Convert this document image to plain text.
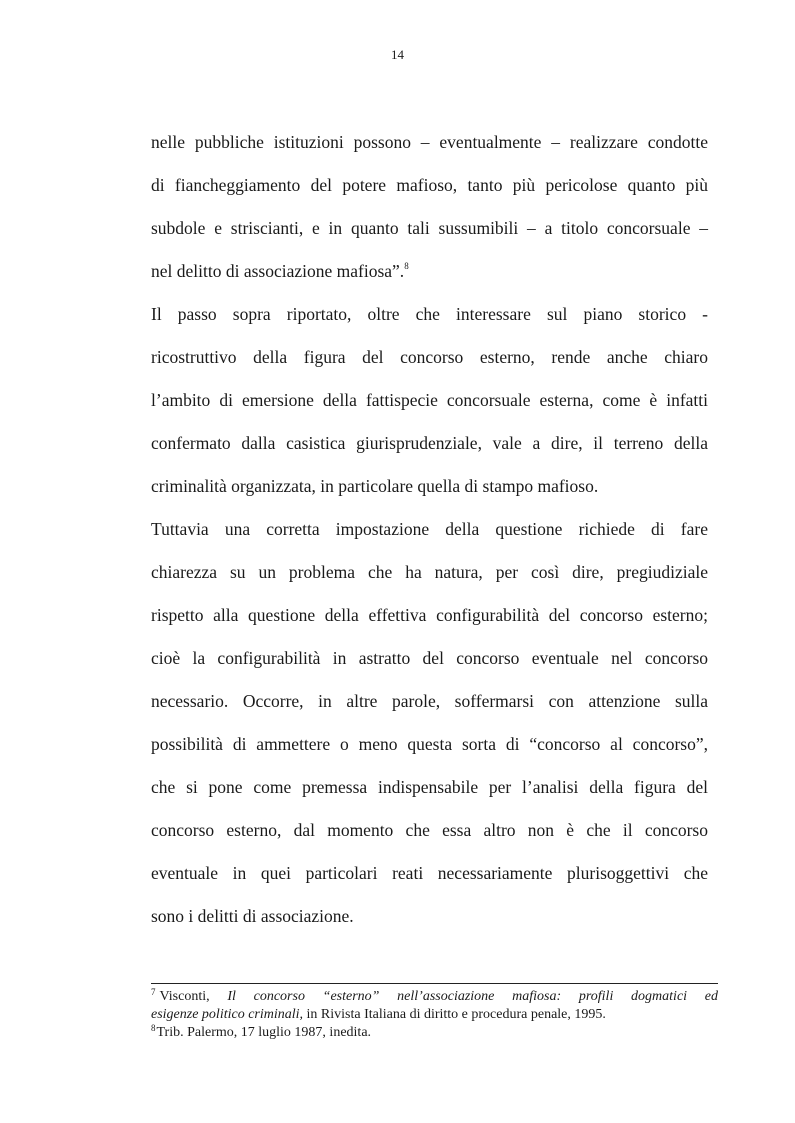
14
nelle pubbliche istituzioni possono – eventualmente – realizzare condotte
di fiancheggiamento del potere mafioso, tanto più pericolose quanto più
subdole e striscianti, e in quanto tali sussumibili – a titolo concorsuale –
nel delitto di associazione mafiosa”.$^8$
Il passo sopra riportato, oltre che interessare sul piano storico -
ricostruttivo della figura del concorso esterno, rende anche chiaro
l’ambito di emersione della fattispecie concorsuale esterna, come è infatti
confermato dalla casistica giurisprudenziale, vale a dire, il terreno della
criminalità organizzata, in particolare quella di stampo mafioso.
Tuttavia una corretta impostazione della questione richiede di fare
chiarezza su un problema che ha natura, per così dire, pregiudiziale
rispetto alla questione della effettiva configurabilità del concorso esterno;
cioè la configurabilità in astratto del concorso eventuale nel concorso
necessario. Occorre, in altre parole, soffermarsi con attenzione sulla
possibilità di ammettere o meno questa sorta di “concorso al concorso”,
che si pone come premessa indispensabile per l’analisi della figura del
concorso esterno, dal momento che essa altro non è che il concorso
eventuale in quei particolari reati necessariamente plurisoggettivi che
sono i delitti di associazione.
$^7$ Visconti, Il concorso “esterno” nell’associazione mafiosa: profili dogmatici ed
esigenze politico criminali, in Rivista Italiana di diritto e procedura penale, 1995.
$^8$Trib. Palermo, 17 luglio 1987, inedita.
